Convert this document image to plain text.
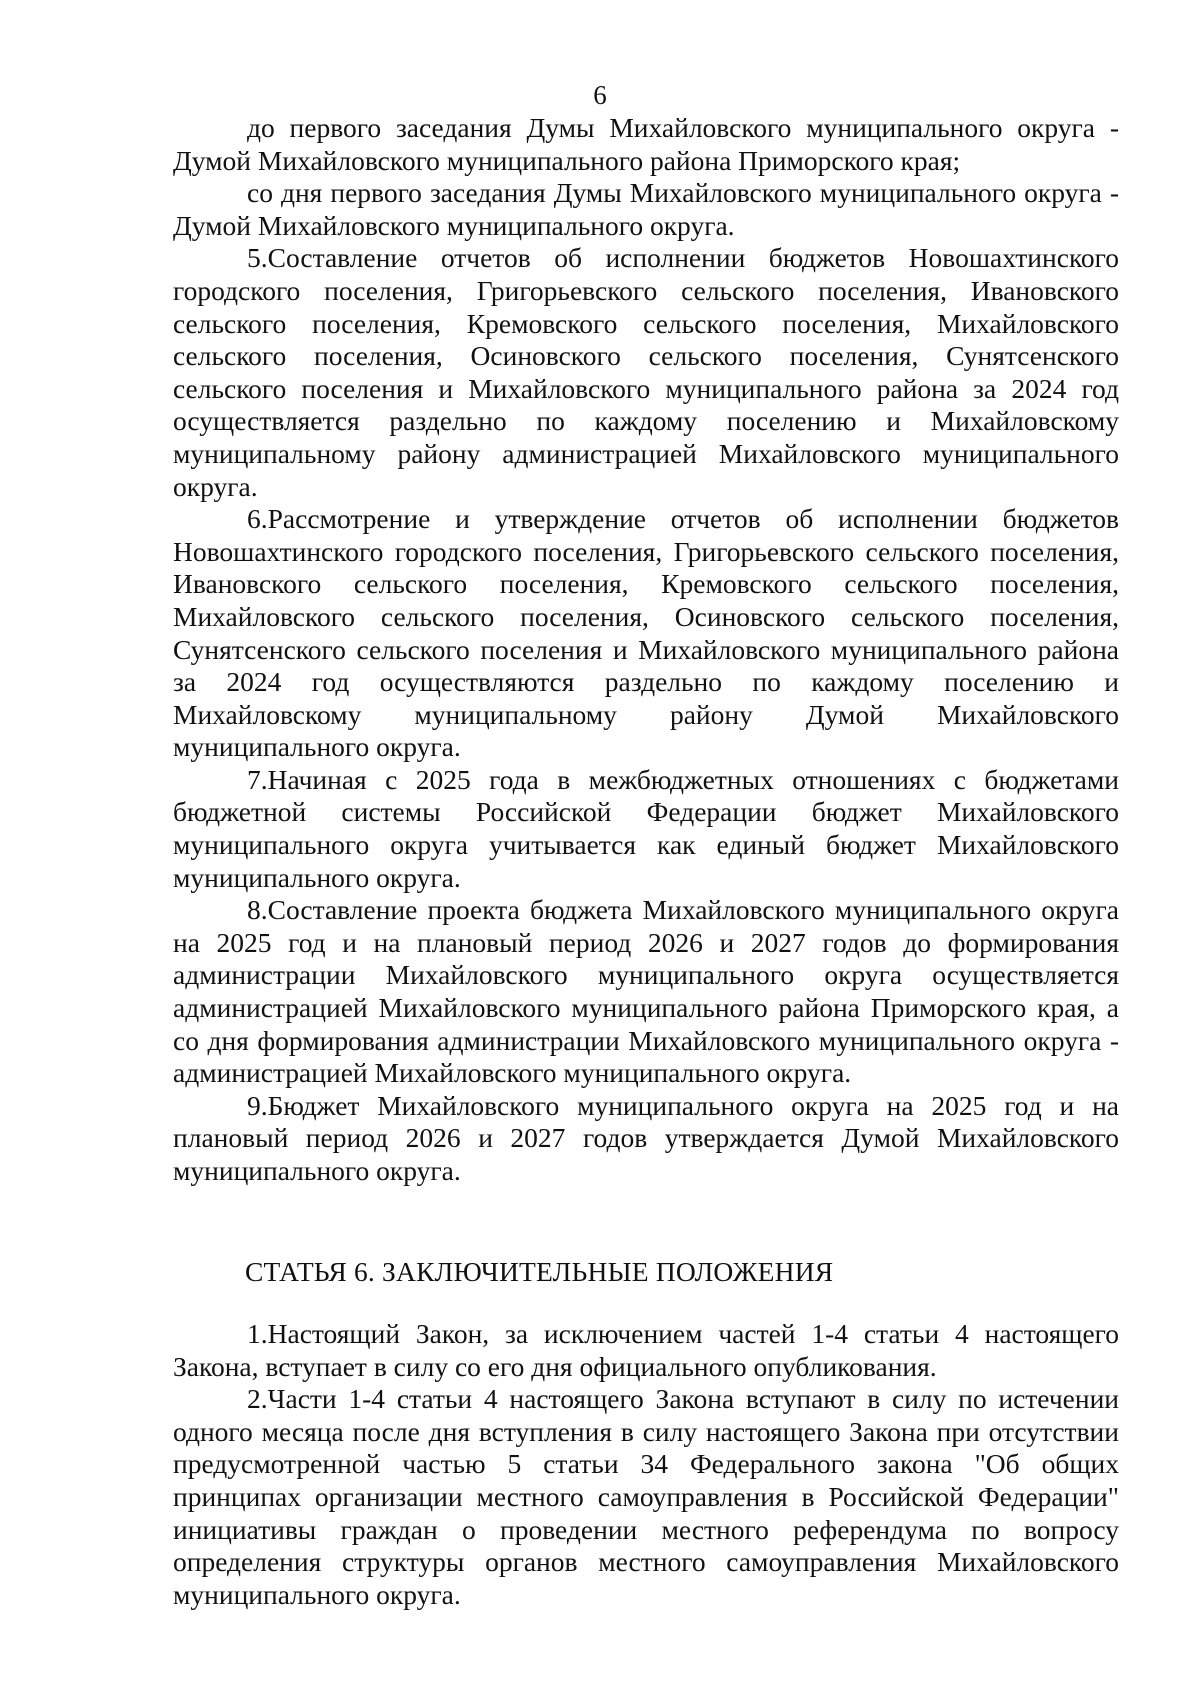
6

до первого заседания Думы Михайловского муниципального округа - Думой Михайловского муниципального района Приморского края;

со дня первого заседания Думы Михайловского муниципального округа - Думой Михайловского муниципального округа.

5.Составление отчетов об исполнении бюджетов Новошахтинского городского поселения, Григорьевского сельского поселения, Ивановского сельского поселения, Кремовского сельского поселения, Михайловского сельского поселения, Осиновского сельского поселения, Сунятсенского сельского поселения и Михайловского муниципального района за 2024 год осуществляется раздельно по каждому поселению и Михайловскому муниципальному району администрацией Михайловского муниципального округа.

6.Рассмотрение и утверждение отчетов об исполнении бюджетов Новошахтинского городского поселения, Григорьевского сельского поселения, Ивановского сельского поселения, Кремовского сельского поселения, Михайловского сельского поселения, Осиновского сельского поселения, Сунятсенского сельского поселения и Михайловского муниципального района за 2024 год осуществляются раздельно по каждому поселению и Михайловскому муниципальному району Думой Михайловского муниципального округа.

7.Начиная с 2025 года в межбюджетных отношениях с бюджетами бюджетной системы Российской Федерации бюджет Михайловского муниципального округа учитывается как единый бюджет Михайловского муниципального округа.

8.Составление проекта бюджета Михайловского муниципального округа на 2025 год и на плановый период 2026 и 2027 годов до формирования администрации Михайловского муниципального округа осуществляется администрацией Михайловского муниципального района Приморского края, а со дня формирования администрации Михайловского муниципального округа - администрацией Михайловского муниципального округа.

9.Бюджет Михайловского муниципального округа на 2025 год и на плановый период 2026 и 2027 годов утверждается Думой Михайловского муниципального округа.

СТАТЬЯ 6. ЗАКЛЮЧИТЕЛЬНЫЕ ПОЛОЖЕНИЯ

1.Настоящий Закон, за исключением частей 1-4 статьи 4 настоящего Закона, вступает в силу со его дня официального опубликования.

2.Части 1-4 статьи 4 настоящего Закона вступают в силу по истечении одного месяца после дня вступления в силу настоящего Закона при отсутствии предусмотренной частью 5 статьи 34 Федерального закона "Об общих принципах организации местного самоуправления в Российской Федерации" инициативы граждан о проведении местного референдума по вопросу определения структуры органов местного самоуправления Михайловского муниципального округа.
